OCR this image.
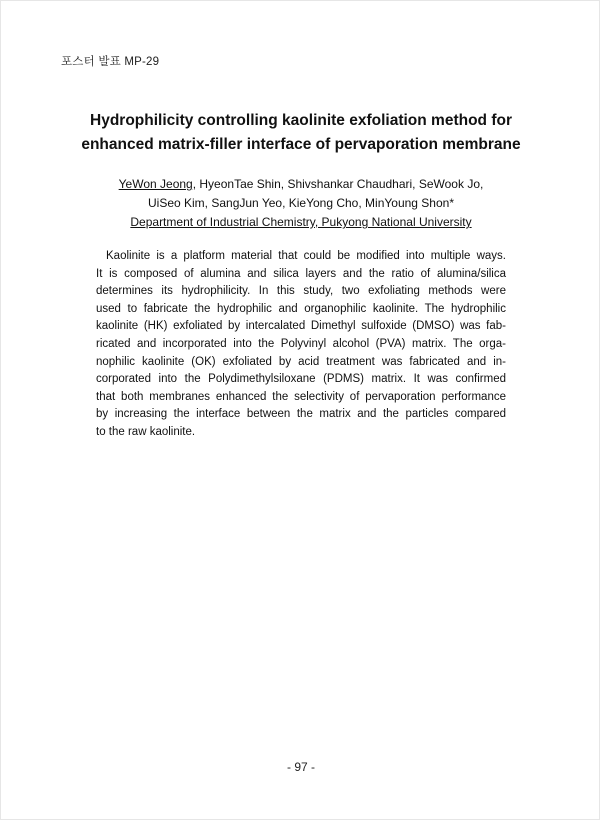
포스터 발표 MP-29
Hydrophilicity controlling kaolinite exfoliation method for
enhanced matrix-filler interface of pervaporation membrane
YeWon Jeong, HyeonTae Shin, Shivshankar Chaudhari, SeWook Jo,
UiSeo Kim, SangJun Yeo, KieYong Cho, MinYoung Shon*
Department of Industrial Chemistry, Pukyong National University
Kaolinite is a platform material that could be modified into multiple ways.
It is composed of alumina and silica layers and the ratio of alumina/silica
determines its hydrophilicity. In this study, two exfoliating methods were
used to fabricate the hydrophilic and organophilic kaolinite. The hydrophilic
kaolinite (HK) exfoliated by intercalated Dimethyl sulfoxide (DMSO) was fab-
ricated and incorporated into the Polyvinyl alcohol (PVA) matrix. The orga-
nophilic kaolinite (OK) exfoliated by acid treatment was fabricated and in-
corporated into the Polydimethylsiloxane (PDMS) matrix. It was confirmed
that both membranes enhanced the selectivity of pervaporation performance
by increasing the interface between the matrix and the particles compared
to the raw kaolinite.
- 97 -
